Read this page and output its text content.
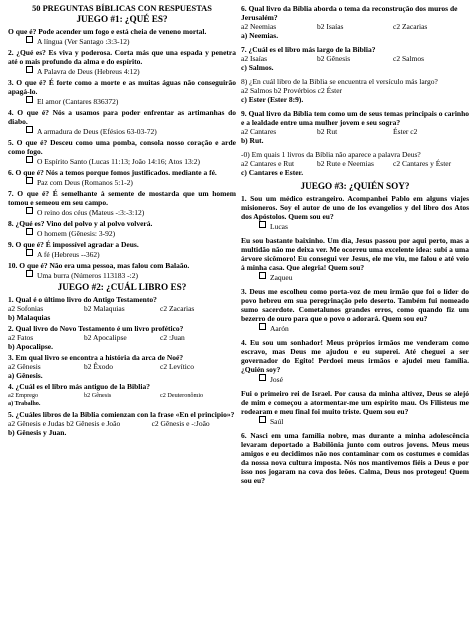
50 PREGUNTAS BÍBLICAS CON RESPUESTAS
JUEGO #1: ¿QUÉ ES?
O que é? Pode acender um fogo e está cheia de veneno mortal.
A língua (Ver Santago :3:3-12)
2. ¿Qué es? Es viva y poderosa. Corta más que una espada y penetra até o mais profundo da alma e do espírito.
A Palavra de Deus (Hebreus 4:12)
3. O que é? É forte como a morte e as muitas águas não conseguirão apagá-lo.
El amor (Cantares 836372)
4. O que é? Nós a usamos para poder enfrentar as artimanhas do diabo.
A armadura de Deus (Efésios 63-03-72)
5. O que é? Desceu como uma pomba, consola nosso coração e arde como fogo.
O Espírito Santo (Lucas 11:13; João 14:16; Atos 13:2)
6. O que é? Nós a temos porque fomos justificados. mediante a fé.
Paz com Deus (Romanos 5:1-2)
7. O que é? É semelhante à semente de mostarda que um homem tomou e semeou em seu campo.
O reino dos céus (Mateus -:3:-3:12)
8. ¿Qué es? Vino del polvo y al polvo volverá.
O homem (Gênesis: 3-92)
9. O que é? É impossível agradar a Deus.
A fé (Hebreus --362)
10. O que é? Não era uma pessoa, mas falou com Balaão.
Uma burra (Números 113183 -:2)
JUEGO #2: ¿CUÁL LIBRO ES?
1. Qual é o último livro do Antigo Testamento?
a2 Sofonias	b2 Malaquias	c2 Zacarias
b) Malaquias
2. Qual livro do Novo Testamento é um livro profético?
a2 Fatos	b2 Apocalipse	c2 :Juan
b) Apocalipse.
3. Em qual livro se encontra a história da arca de Noé?
a2 Gênesis	b2 Êxodo	c2 Levítico
a) Gênesis.
4. ¿Cuál es el libro más antiguo de la Biblia?
a2 Emprego	b2 Gênesis	c2 Deuteronômio
a) Trabalho.
5. ¿Cuáles libros de la Biblia comienzan con la frase «En el principio»?
a2 Gênesis e Judas b2 Gênesis e João	c2 Gênesis e -:João
b) Gênesis y Juan.
6. Qual livro da Bíblia aborda o tema da reconstrução dos muros de Jerusalém?
a2 Neemias	b2 Isaías	c2 Zacarias
a) Neemias.
7. ¿Cuál es el libro más largo de la Biblia?
a2 Isaías	b2 Gênesis	c2 Salmos
c) Salmos.
8) ¿En cuál libro de la Biblia se encuentra el versículo más largo?
a2 Salmos b2 Provérbios c2 Éster
c) Ester (Ester 8:9).
9. Qual livro da Bíblia tem como um de seus temas principais o carinho e a lealdade entre uma mulher jovem e seu sogra?
a2 Cantares	b2 Rut	Éster c2
b) Rut.
-0) Em quais 1 livros da Bíblia não aparece a palavra Deus?
a2 Cantares e Rut	b2 Rute e Neemias	c2 Cantares y Éster
c) Cantares e Ester.
JUEGO #3: ¿QUIÉN SOY?
1. Sou um médico estrangeiro. Acompanhei Pablo em alguns viajes misioneros. Soy el autor de uno de los evangelios y del libro dos Atos dos Apóstolos. Quem sou eu?
Lucas
Eu sou bastante baixinho. Um dia, Jesus passou por aqui perto, mas a multidão não me deixa ver. Me ocorreu uma excelente idea: subí a uma árvore sicômoro! Eu consegui ver Jesus, ele me viu, me falou e até veio à minha casa. Que alegria! Quem sou?
Zaqueu
3. Deus me escolheu como porta-voz de meu irmão que foi o líder do povo hebreu em sua peregrinação pelo deserto. Também fui nomeado sumo sacerdote. Cometalunos grandes erros, como quando fiz um bezerro de ouro para que o povo o adorará. Quem sou eu?
Aarón
4. Eu sou um sonhador! Meus próprios irmãos me venderam como escravo, mas Deus me ajudou e eu superei. Até cheguei a ser governador do Egito! Perdoei meus irmãos e ajudei meu família. ¿Quién soy?
José
Fui o primeiro rei de Israel. Por causa da minha altivez, Deus se alejó de mim e começou a atormentar-me um espírito mau. Os Filisteus me rodearam e meu final foi muito triste. Quem sou eu?
Saúl
6. Nasci em uma família nobre, mas durante a minha adolescência levaram deportado a Babilônia junto com outros jovens. Meus meus amigos e eu decidimos não nos contaminar com os costumes e comidas da nossa nova cultura imposta. Nós nos mantivemos fiéis a Deus e por isso nos jogaram na cova dos leões. Calma, Deus nos protegeu! Quem sou eu?
